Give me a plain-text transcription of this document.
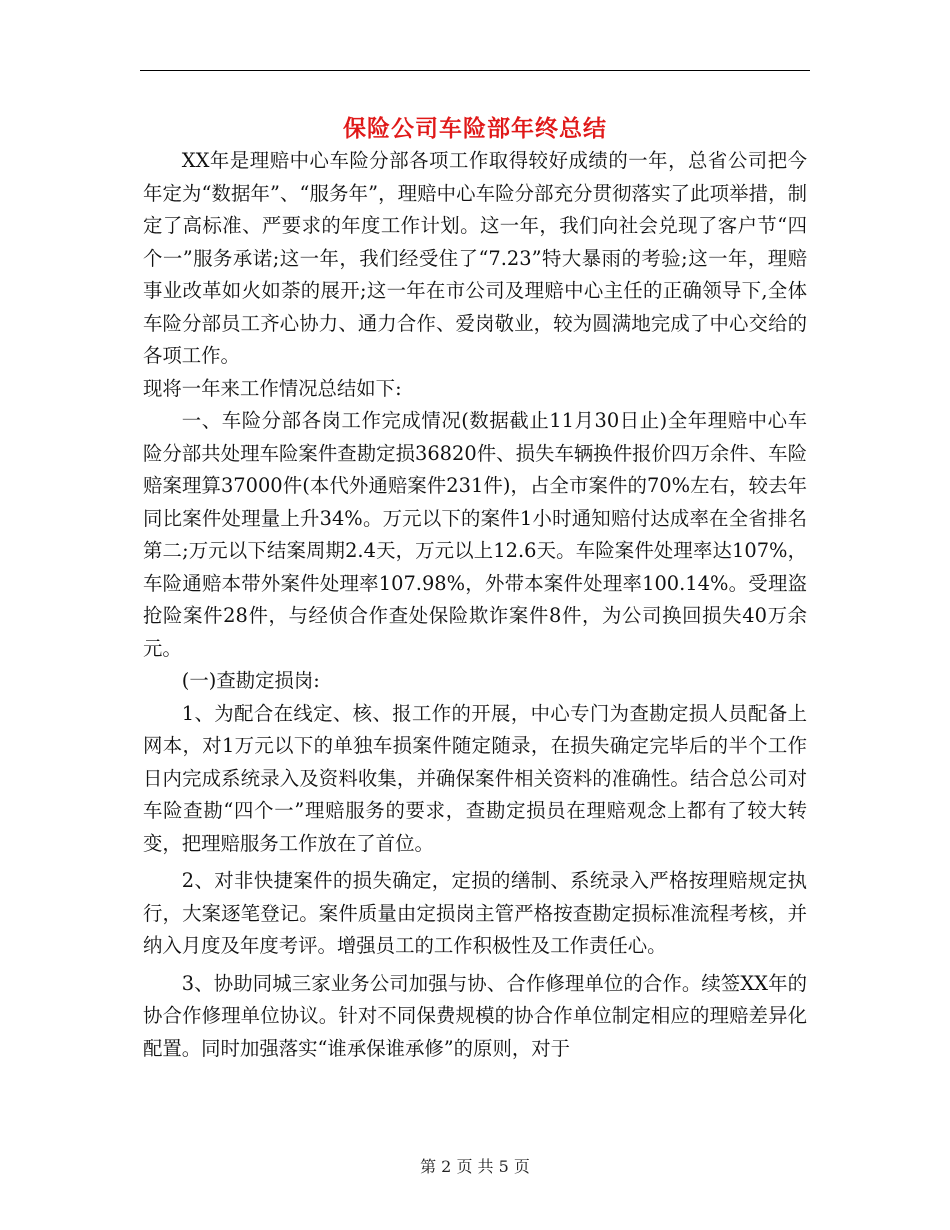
保险公司车险部年终总结

XX年是理赔中心车险分部各项工作取得较好成绩的一年，总省公司把今年定为“数据年”、“服务年”，理赔中心车险分部充分贯彻落实了此项举措，制定了高标准、严要求的年度工作计划。这一年，我们向社会兑现了客户节“四个一”服务承诺;这一年，我们经受住了“7.23”特大暴雨的考验;这一年，理赔事业改革如火如荼的展开;这一年在市公司及理赔中心主任的正确领导下,全体车险分部员工齐心协力、通力合作、爱岗敬业，较为圆满地完成了中心交给的各项工作。

现将一年来工作情况总结如下:

一、车险分部各岗工作完成情况(数据截止11月30日止)全年理赔中心车险分部共处理车险案件查勘定损36820件、损失车辆换件报价四万余件、车险赔案理算37000件(本代外通赔案件231件)，占全市案件的70%左右，较去年同比案件处理量上升34%。万元以下的案件1小时通知赔付达成率在全省排名第二;万元以下结案周期2.4天，万元以上12.6天。车险案件处理率达107%，车险通赔本带外案件处理率107.98%，外带本案件处理率100.14%。受理盗抢险案件28件，与经侦合作查处保险欺诈案件8件，为公司换回损失40万余元。

(一)查勘定损岗:

1、为配合在线定、核、报工作的开展，中心专门为查勘定损人员配备上网本，对1万元以下的单独车损案件随定随录，在损失确定完毕后的半个工作日内完成系统录入及资料收集，并确保案件相关资料的准确性。结合总公司对车险查勘“四个一”理赔服务的要求，查勘定损员在理赔观念上都有了较大转变，把理赔服务工作放在了首位。

2、对非快捷案件的损失确定，定损的缮制、系统录入严格按理赔规定执行，大案逐笔登记。案件质量由定损岗主管严格按查勘定损标准流程考核，并纳入月度及年度考评。增强员工的工作积极性及工作责任心。

3、协助同城三家业务公司加强与协、合作修理单位的合作。续签XX年的协合作修理单位协议。针对不同保费规模的协合作单位制定相应的理赔差异化配置。同时加强落实“谁承保谁承修”的原则，对于

第 2 页 共 5 页
